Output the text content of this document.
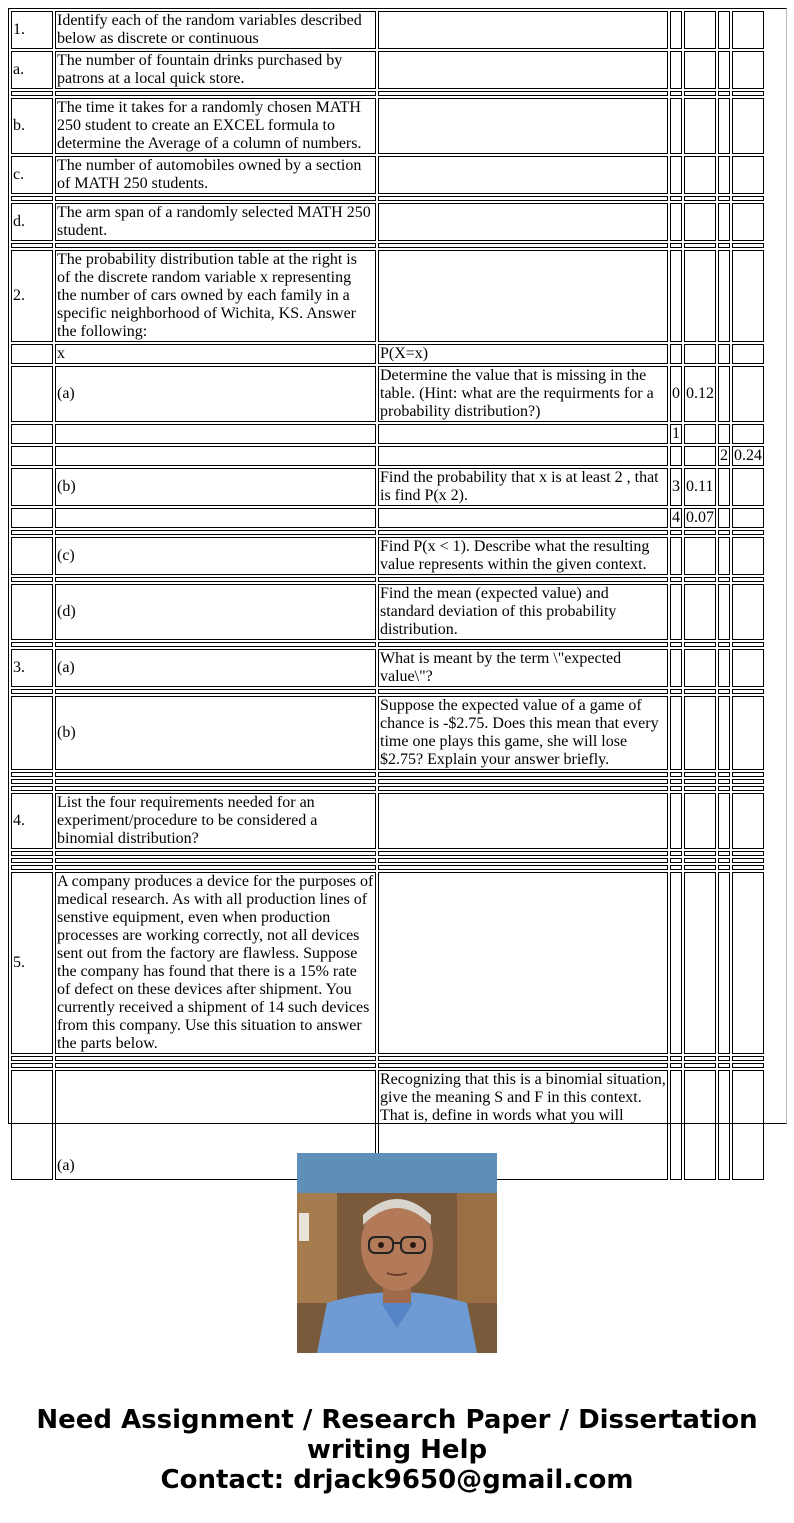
1.	Identify each of the random variables described below as discrete or continuous					
a.	The number of fountain drinks purchased by patrons at a local quick store.					

b.	The time it takes for a randomly chosen MATH 250 student to create an EXCEL formula to determine the Average of a column of numbers.					
c.	The number of automobiles owned by a section of MATH 250 students.					

d.	The arm span of a randomly selected MATH 250 student.					

2.	The probability distribution table at the right is of the discrete random variable x representing the number of cars owned by each family in a specific neighborhood of Wichita, KS. Answer the following:					
	x	P(X=x)				
	(a)	Determine the value that is missing in the table. (Hint: what are the requirments for a probability distribution?)	0	0.12		
			1			
					2	0.24
	(b)	Find the probability that x is at least 2 , that is find P(x 2).	3	0.11		
			4	0.07		

	(c)	Find P(x < 1). Describe what the resulting value represents within the given context.				

	(d)	Find the mean (expected value) and standard deviation of this probability distribution.				

3.	(a)	What is meant by the term \"expected value\"?				

	(b)	Suppose the expected value of a game of chance is -$2.75. Does this mean that every time one plays this game, she will lose $2.75? Explain your answer briefly.				

4.	List the four requirements needed for an experiment/procedure to be considered a binomial distribution?					

5.	A company produces a device for the purposes of medical research. As with all production lines of senstive equipment, even when production processes are working correctly, not all devices sent out from the factory are flawless. Suppose the company has found that there is a 15% rate of defect on these devices after shipment. You currently received a shipment of 14 such devices from this company. Use this situation to answer the parts below.					

	(a)	Recognizing that this is a binomial situation, give the meaning S and F in this context. That is, define in words what you will				
Need Assignment / Research Paper / Dissertation
writing Help
Contact: drjack9650@gmail.com
